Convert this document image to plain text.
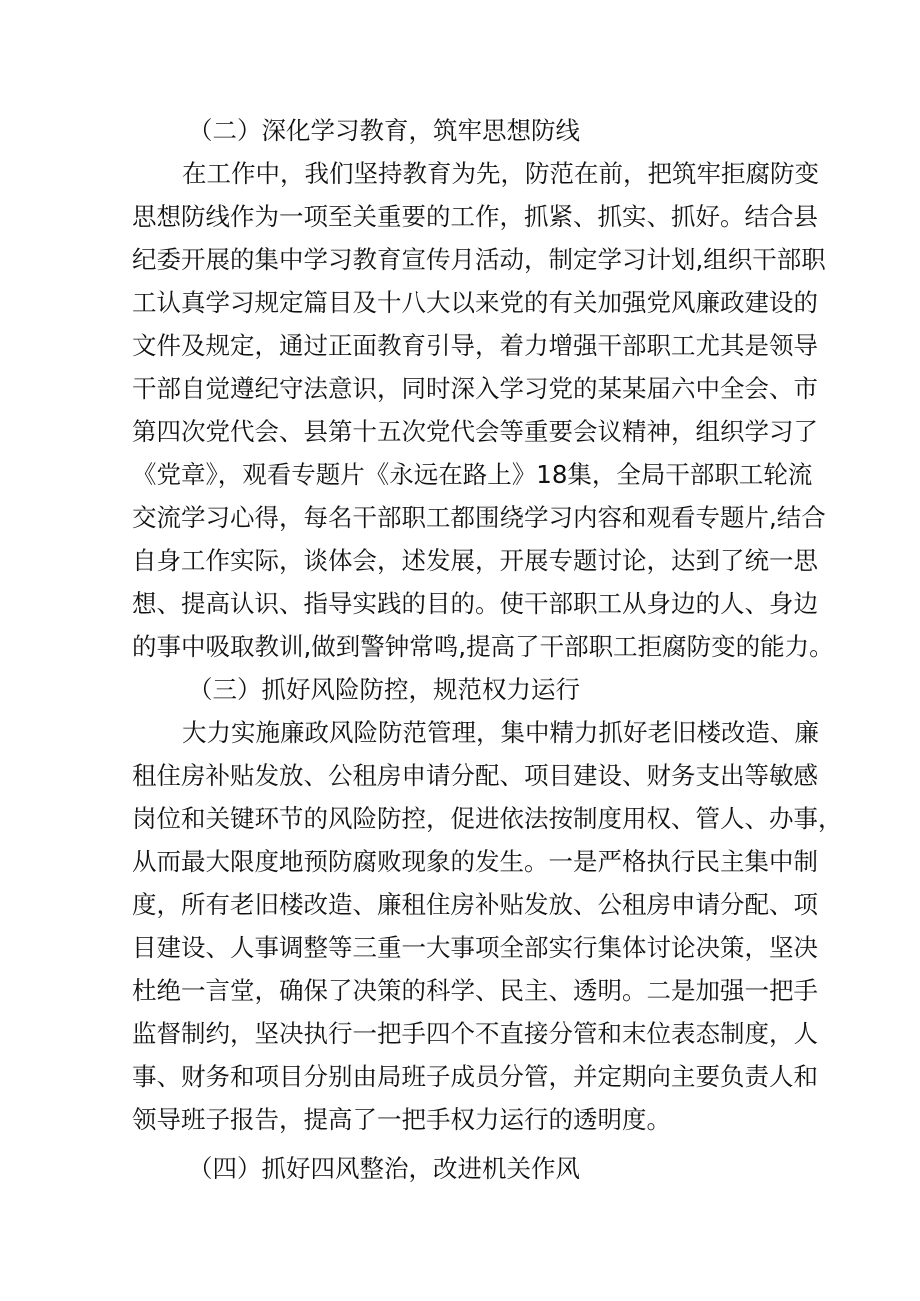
（二）深化学习教育，筑牢思想防线
在工作中，我们坚持教育为先，防范在前，把筑牢拒腐防变
思想防线作为一项至关重要的工作，抓紧、抓实、抓好。结合县
纪委开展的集中学习教育宣传月活动，制定学习计划,组织干部职
工认真学习规定篇目及十八大以来党的有关加强党风廉政建设的
文件及规定，通过正面教育引导，着力增强干部职工尤其是领导
干部自觉遵纪守法意识，同时深入学习党的某某届六中全会、市
第四次党代会、县第十五次党代会等重要会议精神，组织学习了
《党章》，观看专题片《永远在路上》18集，全局干部职工轮流
交流学习心得，每名干部职工都围绕学习内容和观看专题片,结合
自身工作实际，谈体会，述发展，开展专题讨论，达到了统一思
想、提高认识、指导实践的目的。使干部职工从身边的人、身边
的事中吸取教训,做到警钟常鸣,提高了干部职工拒腐防变的能力。
（三）抓好风险防控，规范权力运行
大力实施廉政风险防范管理，集中精力抓好老旧楼改造、廉
租住房补贴发放、公租房申请分配、项目建设、财务支出等敏感
岗位和关键环节的风险防控，促进依法按制度用权、管人、办事，
从而最大限度地预防腐败现象的发生。一是严格执行民主集中制
度，所有老旧楼改造、廉租住房补贴发放、公租房申请分配、项
目建设、人事调整等三重一大事项全部实行集体讨论决策，坚决
杜绝一言堂，确保了决策的科学、民主、透明。二是加强一把手
监督制约，坚决执行一把手四个不直接分管和末位表态制度，人
事、财务和项目分别由局班子成员分管，并定期向主要负责人和
领导班子报告，提高了一把手权力运行的透明度。
（四）抓好四风整治，改进机关作风
